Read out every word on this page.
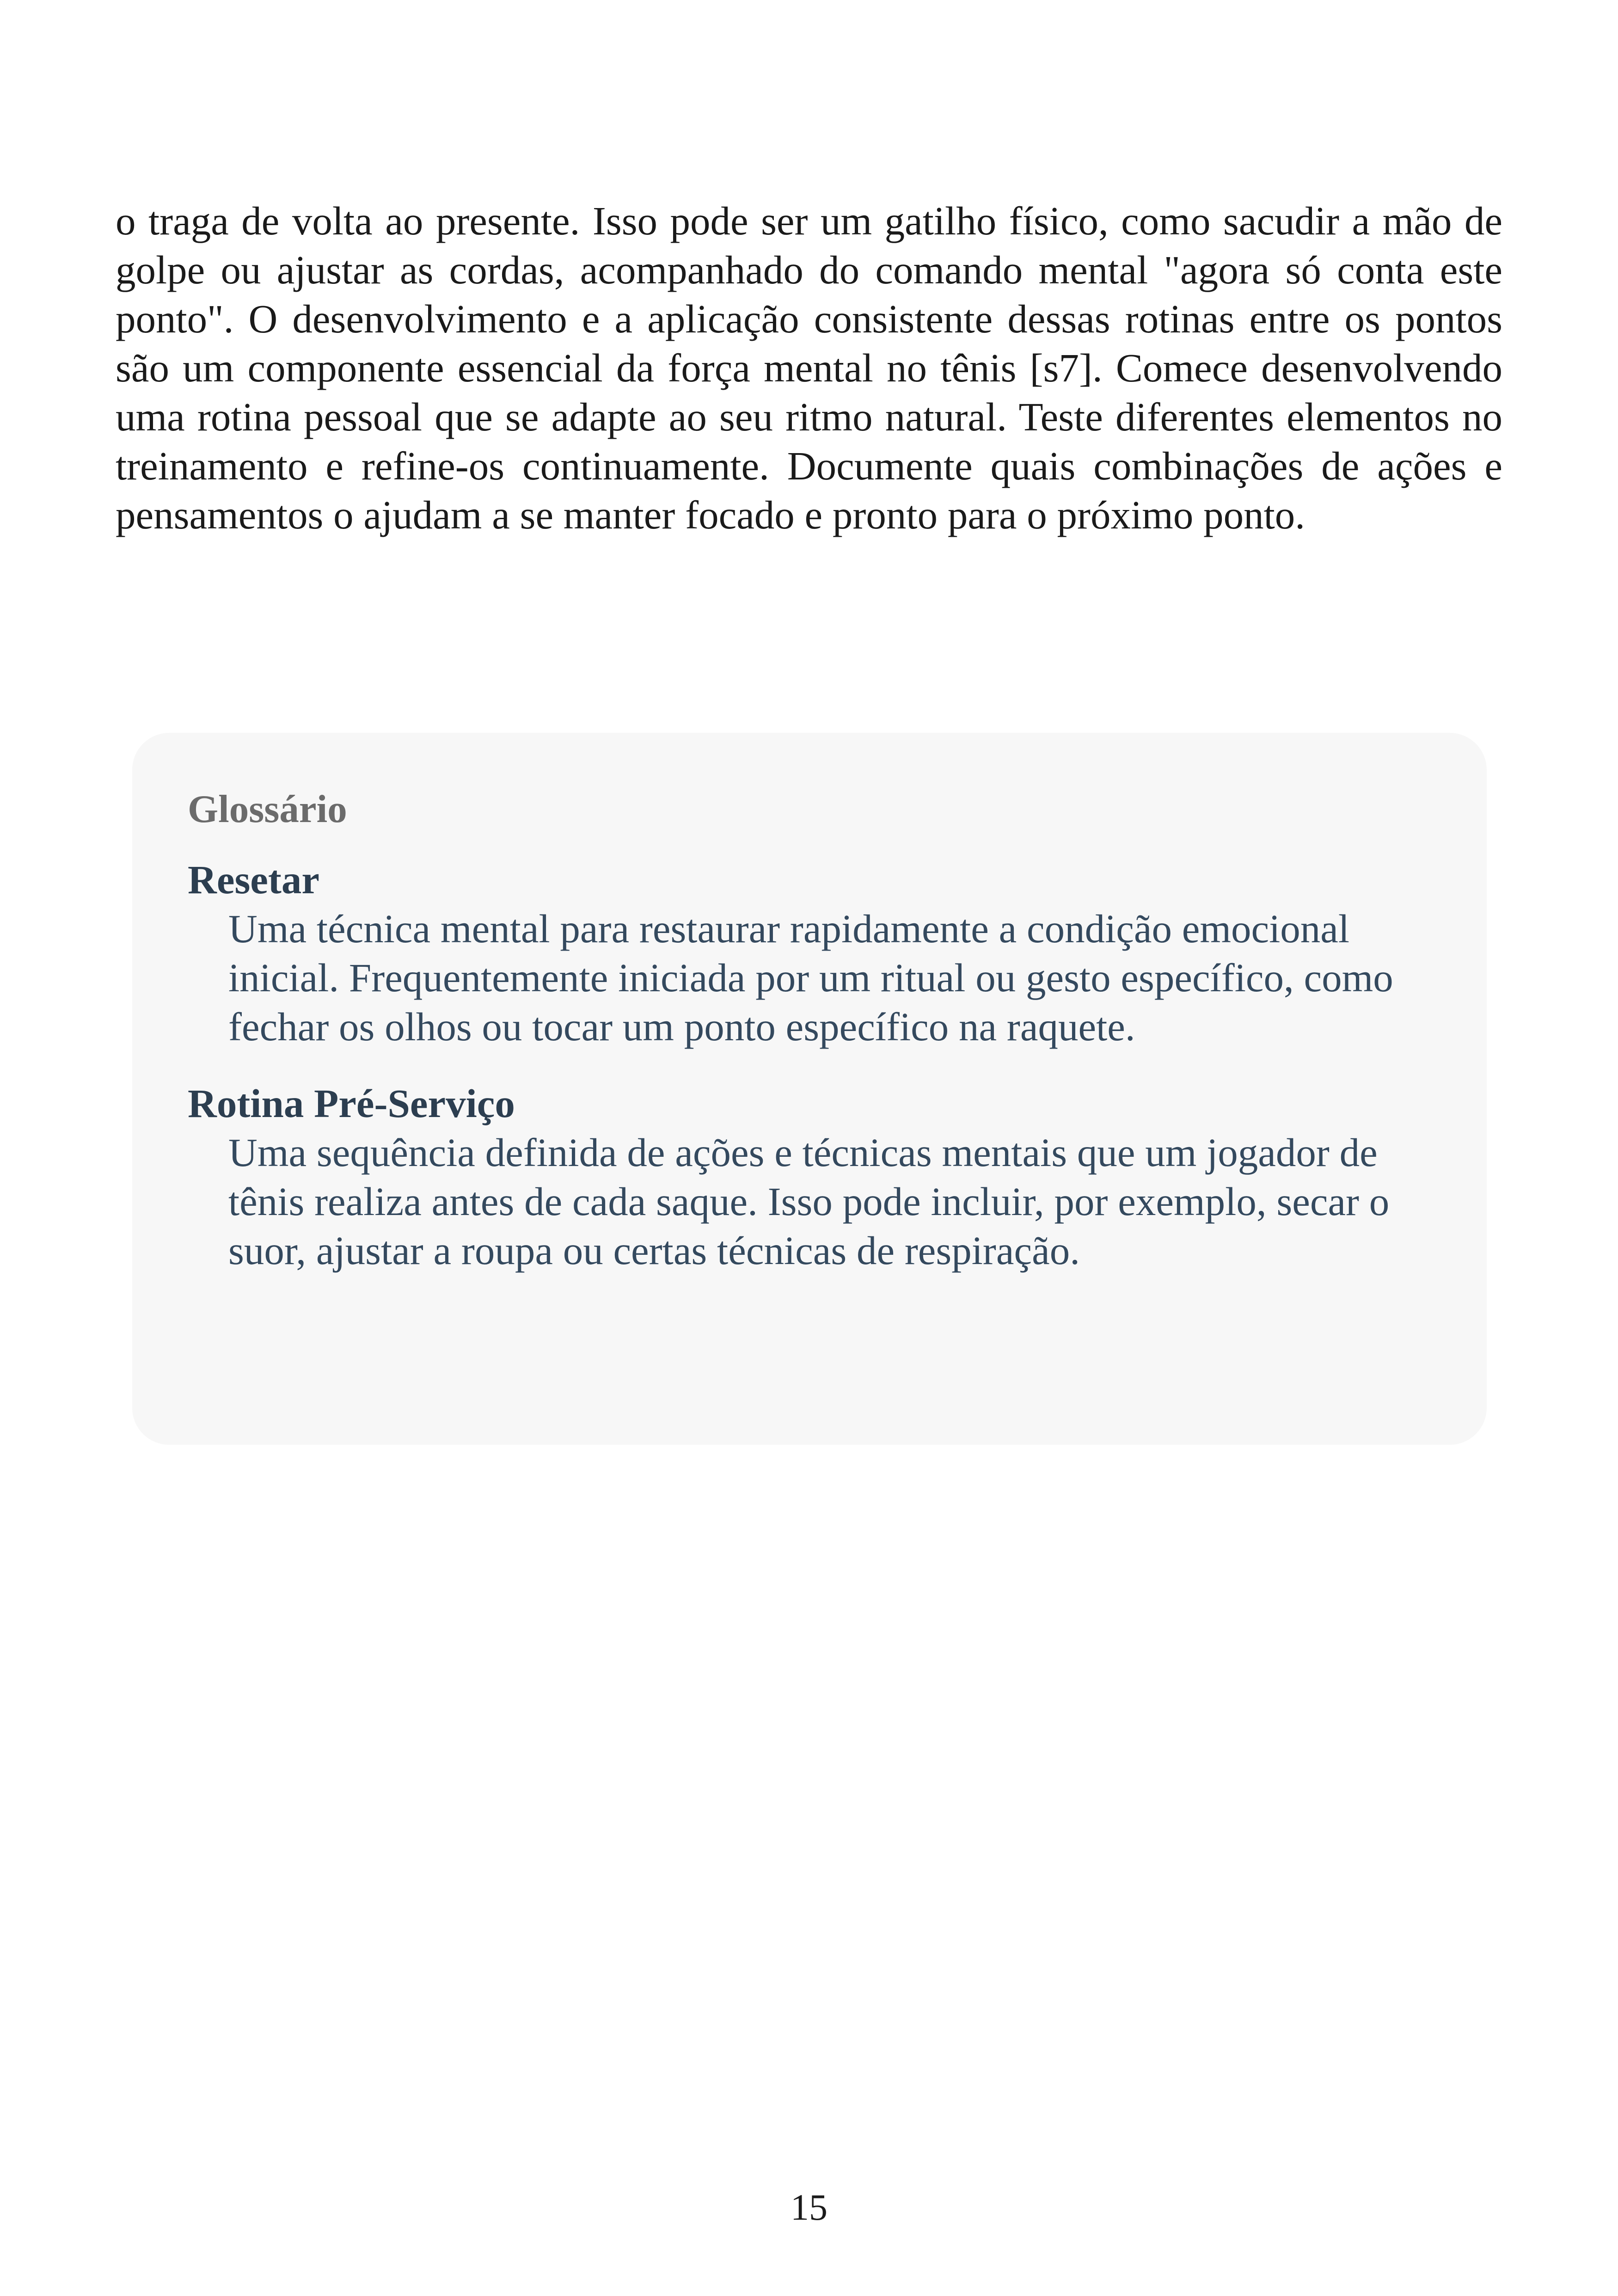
o traga de volta ao presente. Isso pode ser um gatilho físico, como sacudir a mão de golpe ou ajustar as cordas, acompanhado do comando mental "agora só conta este ponto". O desenvolvimento e a aplicação consistente dessas rotinas entre os pontos são um componente essencial da força mental no tênis [s7]. Comece desenvolvendo uma rotina pessoal que se adapte ao seu ritmo natural. Teste diferentes elementos no treinamento e refine-os continuamente. Documente quais combinações de ações e pensamentos o ajudam a se manter focado e pronto para o próximo ponto.

Glossário
Resetar
Uma técnica mental para restaurar rapidamente a condição emocional inicial. Frequentemente iniciada por um ritual ou gesto específico, como fechar os olhos ou tocar um ponto específico na raquete.
Rotina Pré-Serviço
Uma sequência definida de ações e técnicas mentais que um jogador de tênis realiza antes de cada saque. Isso pode incluir, por exemplo, secar o suor, ajustar a roupa ou certas técnicas de respiração.
15
